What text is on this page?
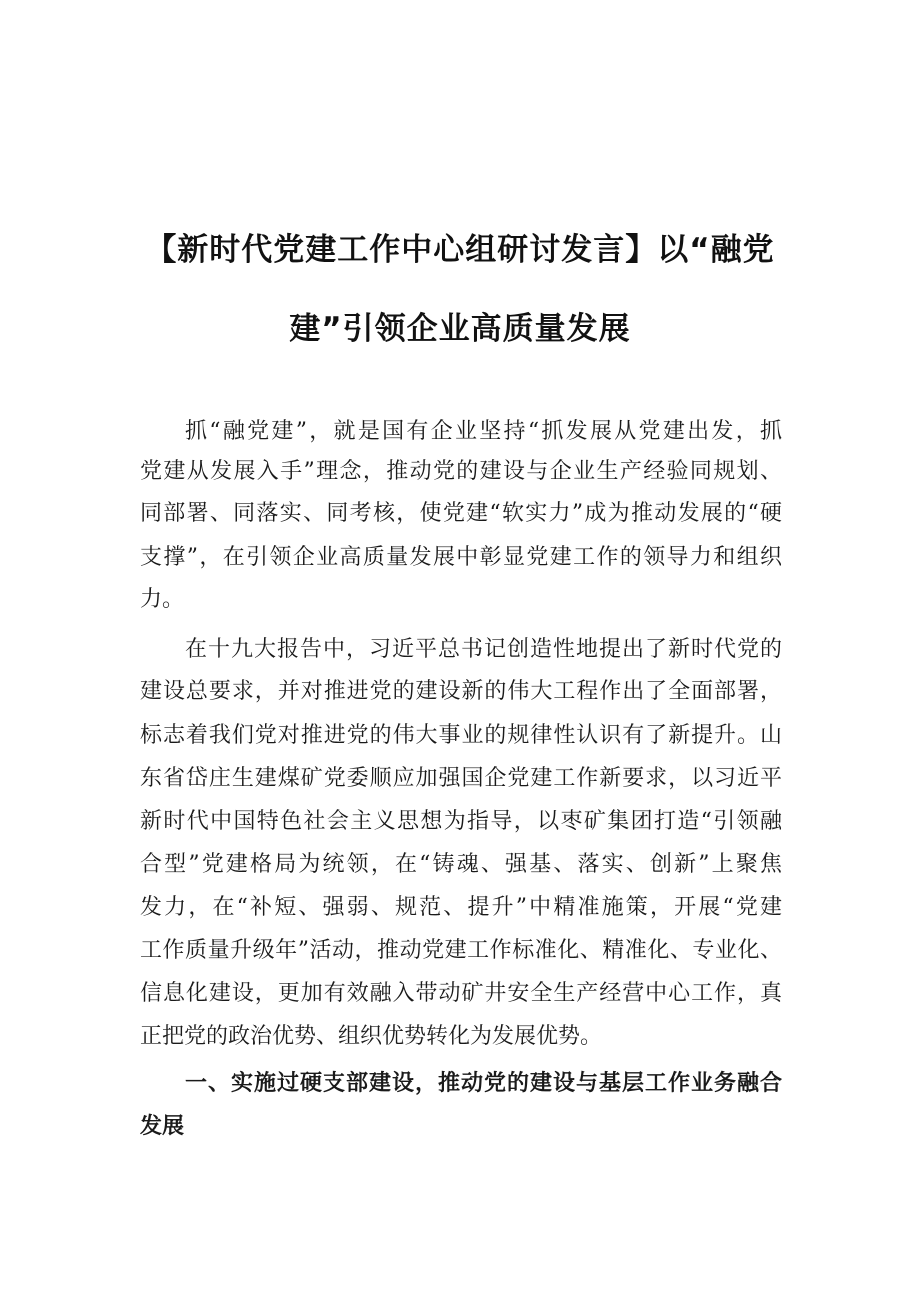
【新时代党建工作中心组研讨发言】以“融党
建”引领企业高质量发展
抓“融党建”，就是国有企业坚持“抓发展从党建出发，抓
党建从发展入手”理念，推动党的建设与企业生产经验同规划、
同部署、同落实、同考核，使党建“软实力”成为推动发展的“硬
支撑”，在引领企业高质量发展中彰显党建工作的领导力和组织
力。
在十九大报告中，习近平总书记创造性地提出了新时代党的
建设总要求，并对推进党的建设新的伟大工程作出了全面部署，
标志着我们党对推进党的伟大事业的规律性认识有了新提升。山
东省岱庄生建煤矿党委顺应加强国企党建工作新要求，以习近平
新时代中国特色社会主义思想为指导，以枣矿集团打造“引领融
合型”党建格局为统领，在“铸魂、强基、落实、创新”上聚焦
发力，在“补短、强弱、规范、提升”中精准施策，开展“党建
工作质量升级年”活动，推动党建工作标准化、精准化、专业化、
信息化建设，更加有效融入带动矿井安全生产经营中心工作，真
正把党的政治优势、组织优势转化为发展优势。
一、实施过硬支部建设，推动党的建设与基层工作业务融合
发展
